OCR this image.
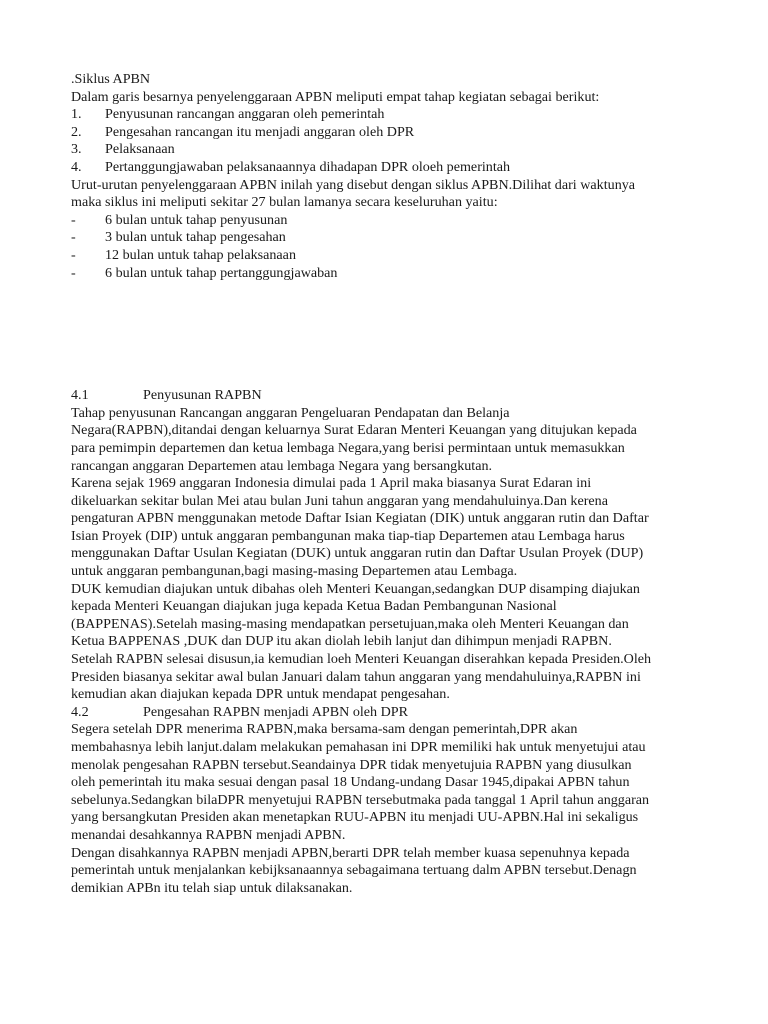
.Siklus APBN
Dalam garis besarnya penyelenggaraan APBN meliputi empat tahap kegiatan sebagai berikut:
1. Penyusunan rancangan anggaran oleh pemerintah
2. Pengesahan rancangan itu menjadi anggaran oleh DPR
3. Pelaksanaan
4. Pertanggungjawaban pelaksanaannya dihadapan DPR oloeh pemerintah
Urut-urutan penyelenggaraan APBN inilah yang disebut dengan siklus APBN.Dilihat dari waktunya
maka siklus ini meliputi sekitar 27 bulan lamanya secara keseluruhan yaitu:
- 6 bulan untuk tahap penyusunan
- 3 bulan untuk tahap pengesahan
- 12 bulan untuk tahap pelaksanaan
- 6 bulan untuk tahap pertanggungjawaban
4.1	Penyusunan RAPBN
Tahap penyusunan Rancangan anggaran Pengeluaran Pendapatan dan Belanja
Negara(RAPBN),ditandai dengan keluarnya Surat Edaran Menteri Keuangan yang ditujukan kepada
para pemimpin departemen dan ketua lembaga Negara,yang berisi permintaan untuk memasukkan
rancangan anggaran Departemen atau lembaga Negara yang bersangkutan.
Karena sejak 1969 anggaran Indonesia dimulai pada 1 April maka biasanya Surat Edaran ini
dikeluarkan sekitar bulan Mei atau bulan Juni tahun anggaran yang mendahuluinya.Dan kerena
pengaturan APBN menggunakan metode Daftar Isian Kegiatan (DIK) untuk anggaran rutin dan Daftar
Isian Proyek (DIP) untuk anggaran pembangunan maka tiap-tiap Departemen atau Lembaga harus
menggunakan Daftar Usulan Kegiatan (DUK) untuk anggaran rutin dan Daftar Usulan Proyek (DUP)
untuk anggaran pembangunan,bagi masing-masing Departemen atau Lembaga.
DUK kemudian diajukan untuk dibahas oleh Menteri Keuangan,sedangkan DUP disamping diajukan
kepada Menteri Keuangan diajukan juga kepada Ketua Badan Pembangunan Nasional
(BAPPENAS).Setelah masing-masing mendapatkan persetujuan,maka oleh Menteri Keuangan dan
Ketua BAPPENAS ,DUK dan DUP itu akan diolah lebih lanjut dan dihimpun menjadi RAPBN.
Setelah RAPBN selesai disusun,ia kemudian loeh Menteri Keuangan diserahkan kepada Presiden.Oleh
Presiden biasanya sekitar awal bulan Januari dalam tahun anggaran yang mendahuluinya,RAPBN ini
kemudian akan diajukan kepada DPR untuk mendapat pengesahan.
4.2	Pengesahan RAPBN menjadi APBN oleh DPR
Segera setelah DPR menerima RAPBN,maka bersama-sam dengan pemerintah,DPR akan
membahasnya lebih lanjut.dalam melakukan pemahasan ini DPR memiliki hak untuk menyetujui atau
menolak pengesahan RAPBN tersebut.Seandainya DPR tidak menyetujuia RAPBN yang diusulkan
oleh pemerintah itu maka sesuai dengan pasal 18 Undang-undang Dasar 1945,dipakai APBN tahun
sebelunya.Sedangkan bilaDPR menyetujui RAPBN tersebutmaka pada tanggal 1 April tahun anggaran
yang bersangkutan Presiden akan menetapkan RUU-APBN itu menjadi UU-APBN.Hal ini sekaligus
menandai desahkannya RAPBN menjadi APBN.
Dengan disahkannya RAPBN menjadi APBN,berarti DPR telah member kuasa sepenuhnya kepada
pemerintah untuk menjalankan kebijksanaannya sebagaimana tertuang dalm APBN tersebut.Denagn
demikian APBn itu telah siap untuk dilaksanakan.
